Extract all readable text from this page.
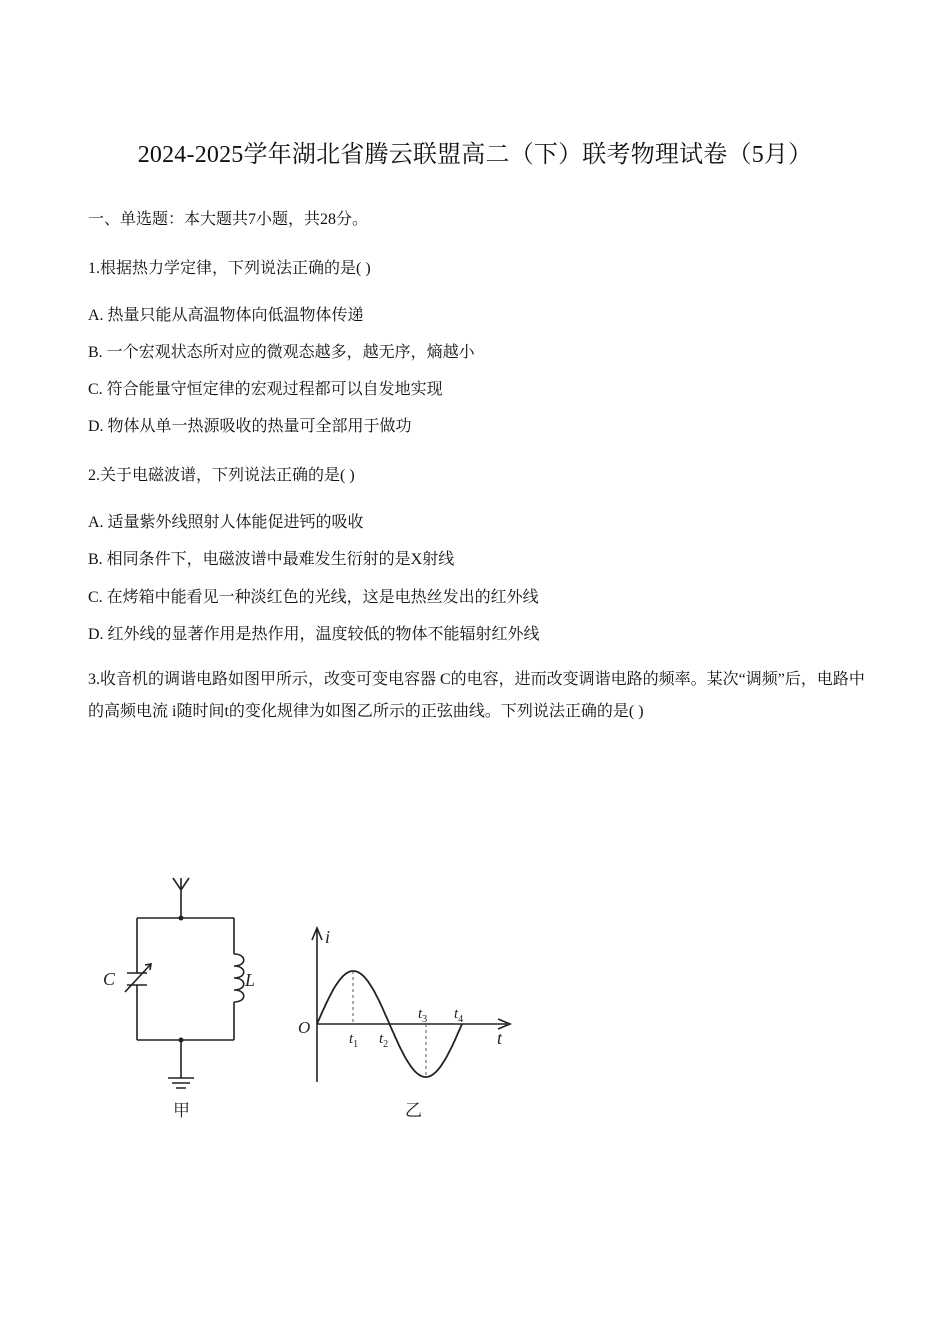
2024-2025学年湖北省腾云联盟高二（下）联考物理试卷（5月）
一、单选题：本大题共7小题，共28分。
1.根据热力学定律，下列说法正确的是( )
A. 热量只能从高温物体向低温物体传递
B. 一个宏观状态所对应的微观态越多，越无序，熵越小
C. 符合能量守恒定律的宏观过程都可以自发地实现
D. 物体从单一热源吸收的热量可全部用于做功
2.关于电磁波谱，下列说法正确的是( )
A. 适量紫外线照射人体能促进钙的吸收
B. 相同条件下，电磁波谱中最难发生衍射的是X射线
C. 在烤箱中能看见一种淡红色的光线，这是电热丝发出的红外线
D. 红外线的显著作用是热作用，温度较低的物体不能辐射红外线
3.收音机的调谐电路如图甲所示，改变可变电容器 C的电容，进而改变调谐电路的频率。某次“调频”后，电路中的高频电流 i随时间t的变化规律为如图乙所示的正弦曲线。下列说法正确的是( )
C	L
甲
i
t
O
$t_1$ $t_2$
$t_3$ $t_4$
乙
